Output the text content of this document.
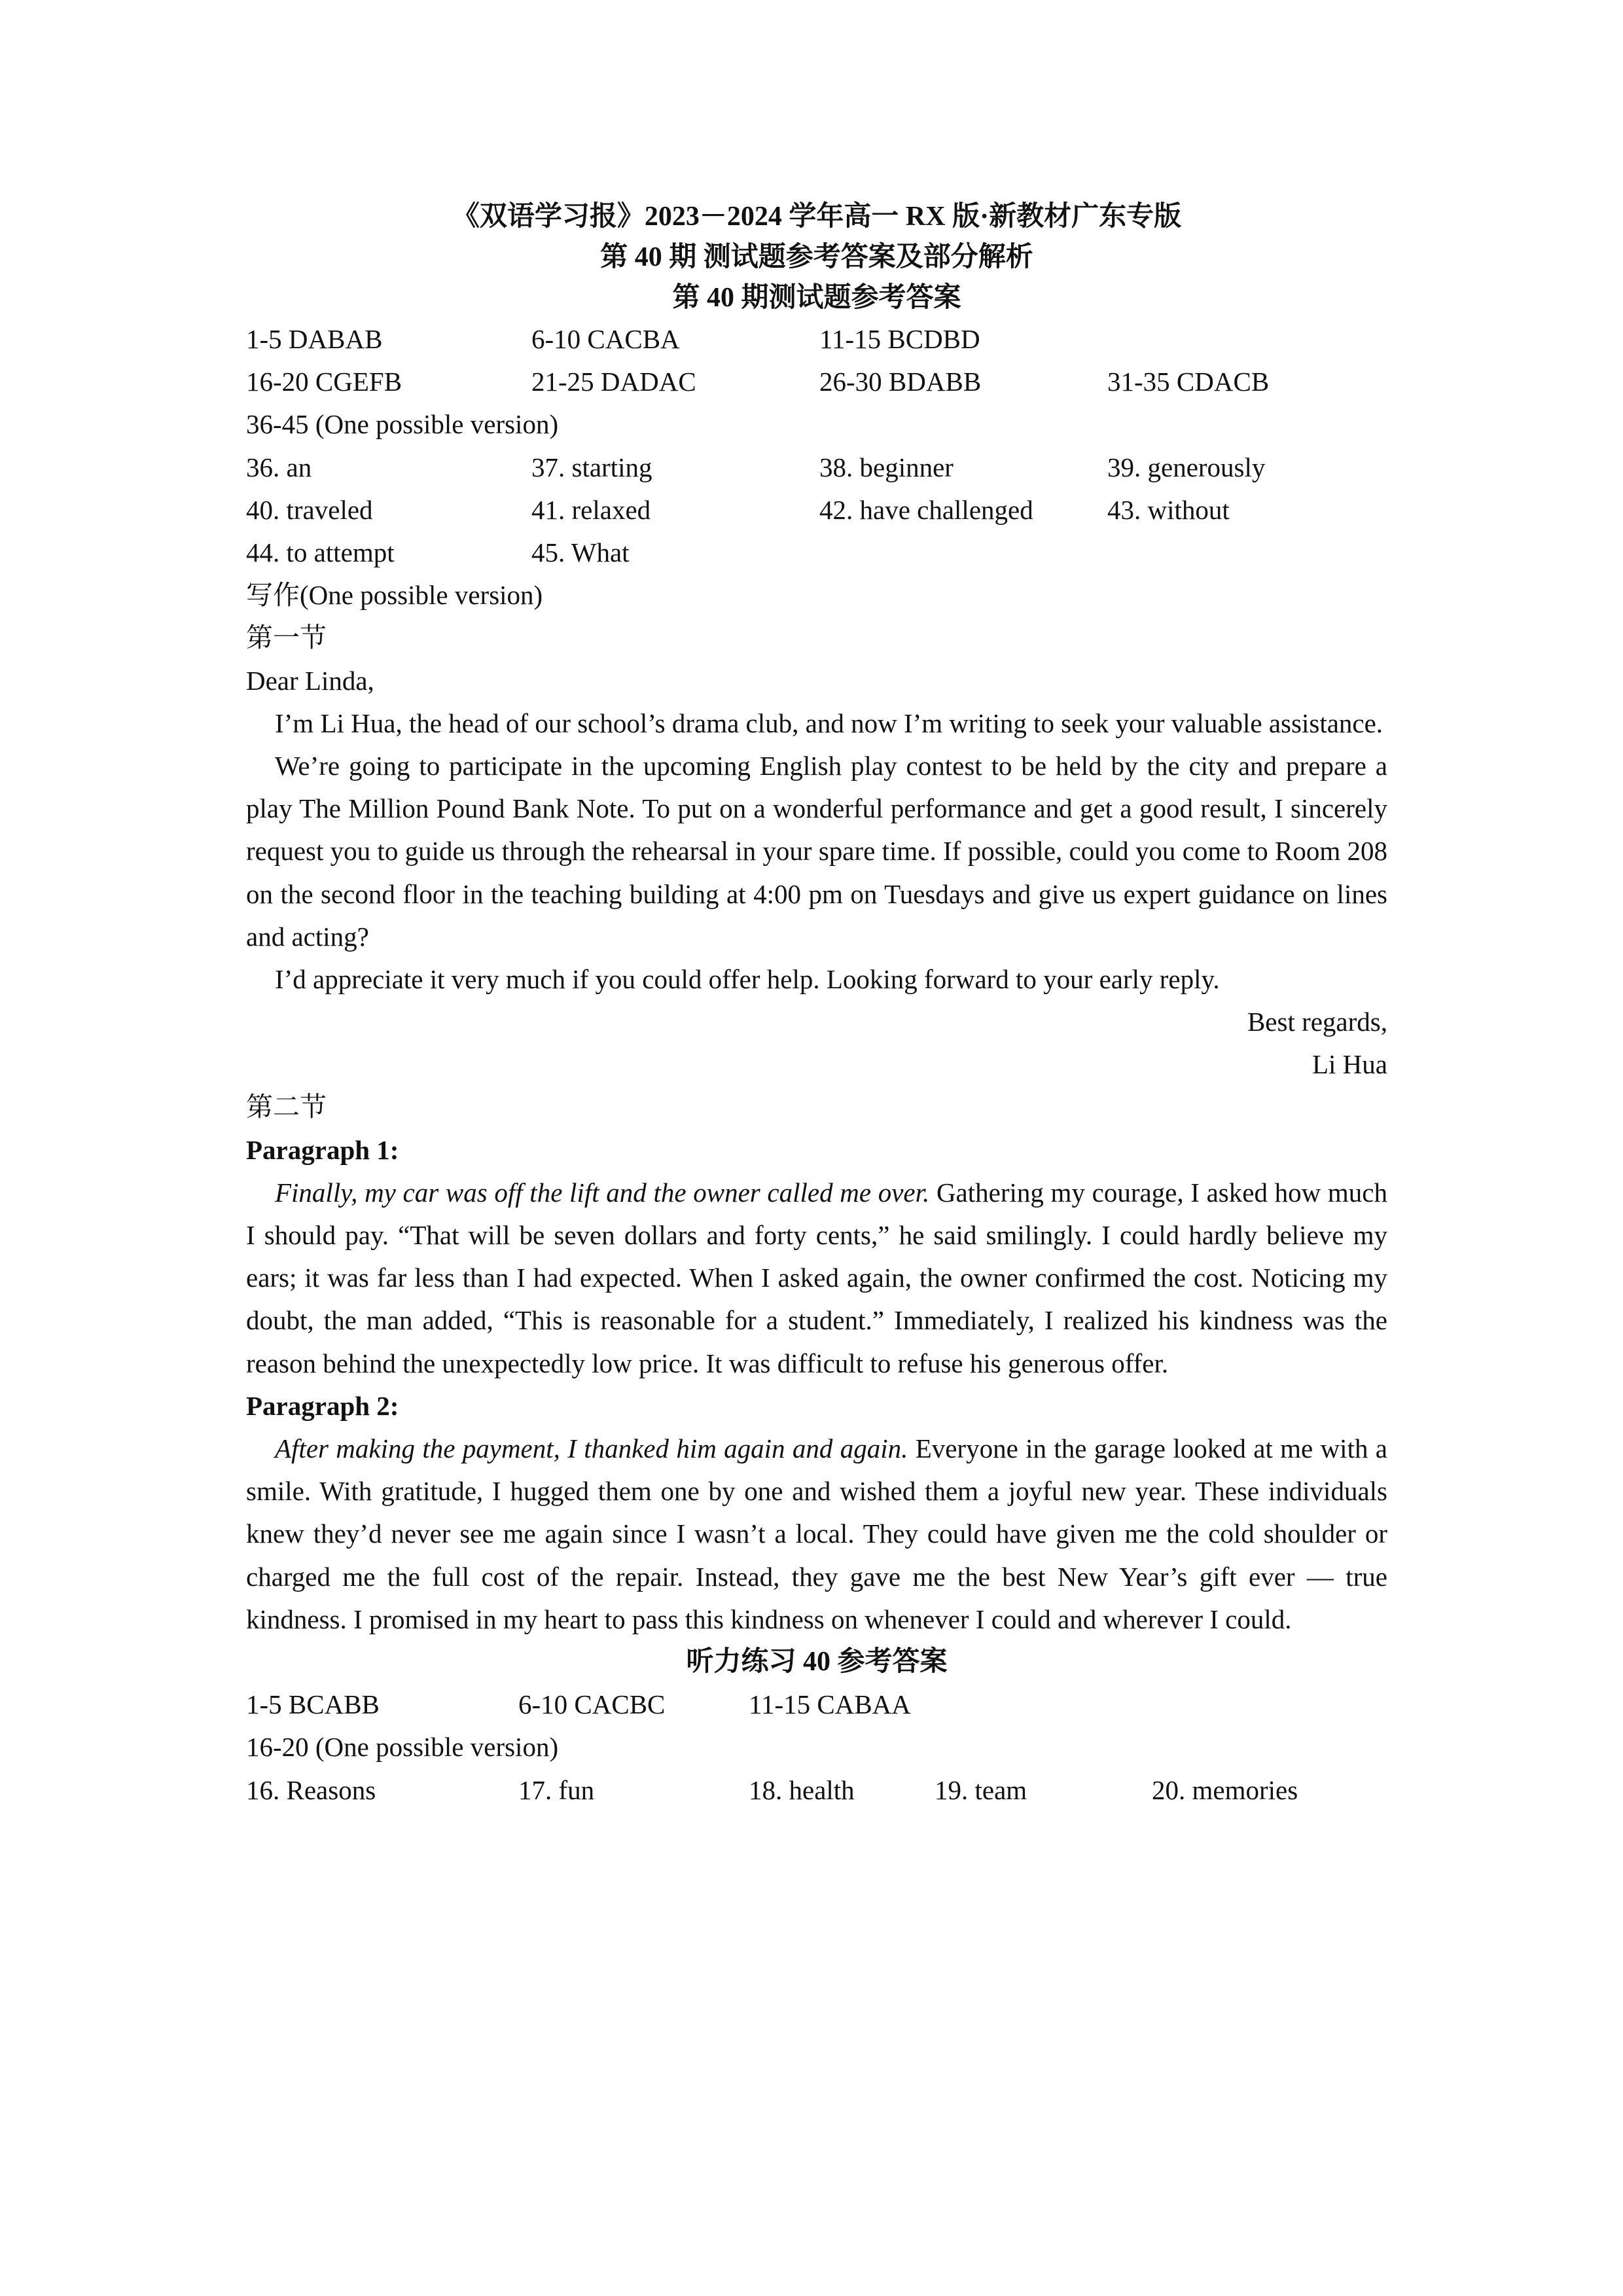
《双语学习报》2023－2024 学年高一 RX 版·新教材广东专版
第 40 期 测试题参考答案及部分解析
第 40 期测试题参考答案
1-5 DABAB	6-10 CACBA	11-15 BCDBD
16-20 CGEFB	21-25 DADAC	26-30 BDABB	31-35 CDACB
36-45 (One possible version)
36. an	37. starting	38. beginner	39. generously
40. traveled	41. relaxed	42. have challenged	43. without
44. to attempt	45. What
写作(One possible version)
第一节
Dear Linda,

I’m Li Hua, the head of our school’s drama club, and now I’m writing to seek your valuable assistance.

We’re going to participate in the upcoming English play contest to be held by the city and prepare a play The Million Pound Bank Note. To put on a wonderful performance and get a good result, I sincerely request you to guide us through the rehearsal in your spare time. If possible, could you come to Room 208 on the second floor in the teaching building at 4:00 pm on Tuesdays and give us expert guidance on lines and acting?

I’d appreciate it very much if you could offer help. Looking forward to your early reply.

Best regards,
Li Hua
第二节
Paragraph 1:

Finally, my car was off the lift and the owner called me over. Gathering my courage, I asked how much I should pay. “That will be seven dollars and forty cents,” he said smilingly. I could hardly believe my ears; it was far less than I had expected. When I asked again, the owner confirmed the cost. Noticing my doubt, the man added, “This is reasonable for a student.” Immediately, I realized his kindness was the reason behind the unexpectedly low price. It was difficult to refuse his generous offer.

Paragraph 2:

After making the payment, I thanked him again and again. Everyone in the garage looked at me with a smile. With gratitude, I hugged them one by one and wished them a joyful new year. These individuals knew they’d never see me again since I wasn’t a local. They could have given me the cold shoulder or charged me the full cost of the repair. Instead, they gave me the best New Year’s gift ever — true kindness. I promised in my heart to pass this kindness on whenever I could and wherever I could.

听力练习 40 参考答案
1-5 BCABB	6-10 CACBC	11-15 CABAA
16-20 (One possible version)
16. Reasons	17. fun	18. health	19. team	20. memories
